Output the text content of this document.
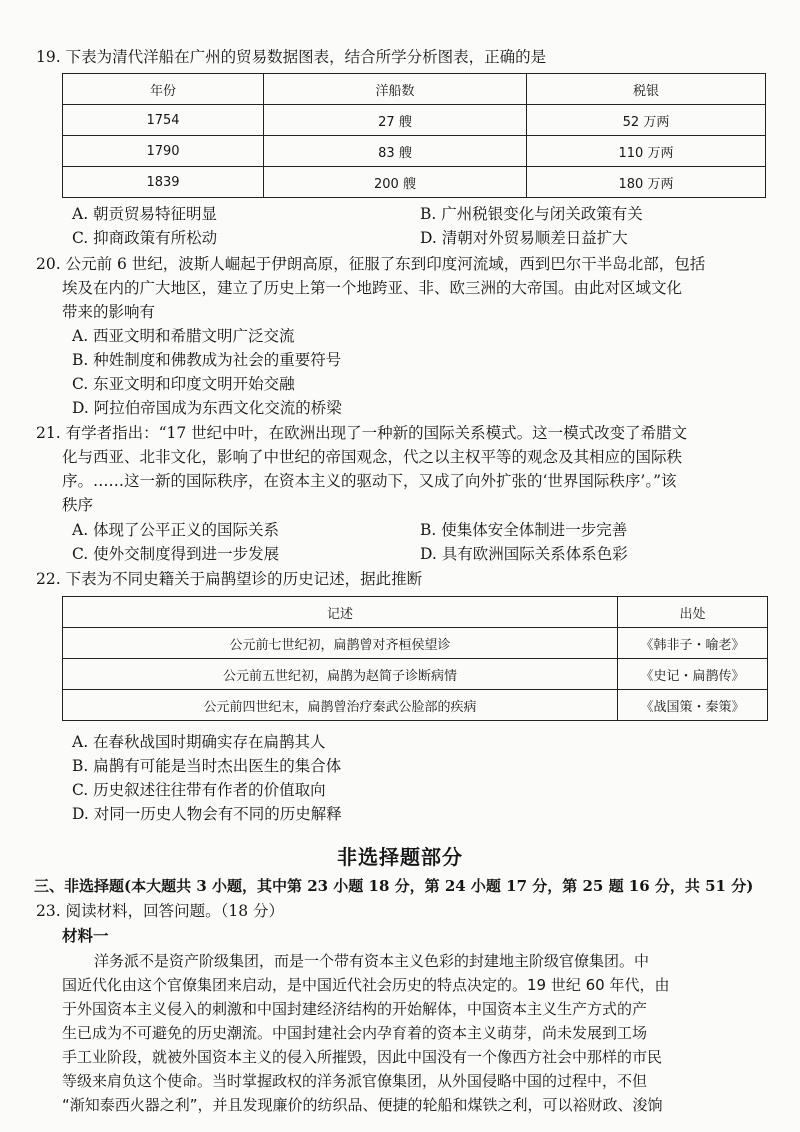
19. 下表为清代洋船在广州的贸易数据图表，结合所学分析图表，正确的是
年份	洋船数	税银
1754	27 艘	52 万两
1790	83 艘	110 万两
1839	200 艘	180 万两
A. 朝贡贸易特征明显	B. 广州税银变化与闭关政策有关
C. 抑商政策有所松动	D. 清朝对外贸易顺差日益扩大
20. 公元前 6 世纪，波斯人崛起于伊朗高原，征服了东到印度河流域，西到巴尔干半岛北部，包括
埃及在内的广大地区，建立了历史上第一个地跨亚、非、欧三洲的大帝国。由此对区域文化
带来的影响有
A. 西亚文明和希腊文明广泛交流
B. 种姓制度和佛教成为社会的重要符号
C. 东亚文明和印度文明开始交融
D. 阿拉伯帝国成为东西文化交流的桥梁
21. 有学者指出：“17 世纪中叶，在欧洲出现了一种新的国际关系模式。这一模式改变了希腊文
化与西亚、北非文化，影响了中世纪的帝国观念，代之以主权平等的观念及其相应的国际秩
序。……这一新的国际秩序，在资本主义的驱动下，又成了向外扩张的‘世界国际秩序’。”该
秩序
A. 体现了公平正义的国际关系	B. 使集体安全体制进一步完善
C. 使外交制度得到进一步发展	D. 具有欧洲国际关系体系色彩
22. 下表为不同史籍关于扁鹊望诊的历史记述，据此推断
记述	出处
公元前七世纪初，扁鹊曾对齐桓侯望诊	《韩非子・喻老》
公元前五世纪初，扁鹊为赵简子诊断病情	《史记・扁鹊传》
公元前四世纪末，扁鹊曾治疗秦武公脸部的疾病	《战国策・秦策》
A. 在春秋战国时期确实存在扁鹊其人
B. 扁鹊有可能是当时杰出医生的集合体
C. 历史叙述往往带有作者的价值取向
D. 对同一历史人物会有不同的历史解释
非选择题部分
三、非选择题(本大题共 3 小题，其中第 23 小题 18 分，第 24 小题 17 分，第 25 题 16 分，共 51 分)
23. 阅读材料，回答问题。（18 分）
材料一
洋务派不是资产阶级集团，而是一个带有资本主义色彩的封建地主阶级官僚集团。中
国近代化由这个官僚集团来启动，是中国近代社会历史的特点决定的。19 世纪 60 年代，由
于外国资本主义侵入的刺激和中国封建经济结构的开始解体，中国资本主义生产方式的产
生已成为不可避免的历史潮流。中国封建社会内孕育着的资本主义萌芽，尚未发展到工场
手工业阶段，就被外国资本主义的侵入所摧毁，因此中国没有一个像西方社会中那样的市民
等级来肩负这个使命。当时掌握政权的洋务派官僚集团，从外国侵略中国的过程中，不但
“渐知泰西火器之利”，并且发现廉价的纺织品、便捷的轮船和煤铁之利，可以裕财政、浚饷
